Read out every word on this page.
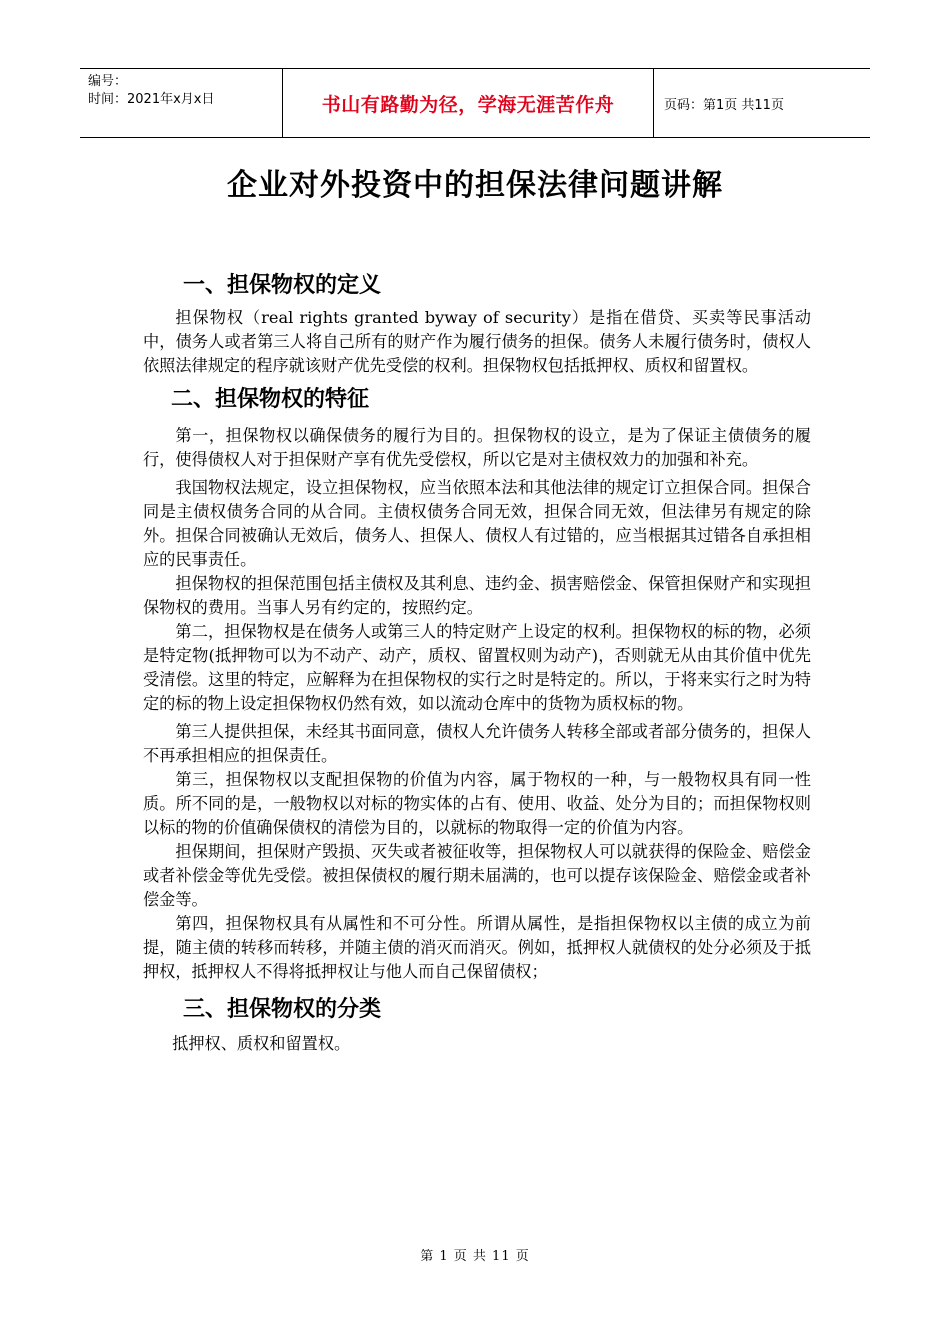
编号：
时间：2021年x月x日	书山有路勤为径，学海无涯苦作舟	页码：第1页 共11页
企业对外投资中的担保法律问题讲解
一、担保物权的定义

担保物权（real rights granted byway of security）是指在借贷、买卖等民事活动中，债务人或者第三人将自己所有的财产作为履行债务的担保。债务人未履行债务时，债权人依照法律规定的程序就该财产优先受偿的权利。担保物权包括抵押权、质权和留置权。

二、担保物权的特征

第一，担保物权以确保债务的履行为目的。担保物权的设立，是为了保证主债债务的履行，使得债权人对于担保财产享有优先受偿权，所以它是对主债权效力的加强和补充。

我国物权法规定，设立担保物权，应当依照本法和其他法律的规定订立担保合同。担保合同是主债权债务合同的从合同。主债权债务合同无效，担保合同无效，但法律另有规定的除外。担保合同被确认无效后，债务人、担保人、债权人有过错的，应当根据其过错各自承担相应的民事责任。

担保物权的担保范围包括主债权及其利息、违约金、损害赔偿金、保管担保财产和实现担保物权的费用。当事人另有约定的，按照约定。

第二，担保物权是在债务人或第三人的特定财产上设定的权利。担保物权的标的物，必须是特定物(抵押物可以为不动产、动产，质权、留置权则为动产)，否则就无从由其价值中优先受清偿。这里的特定，应解释为在担保物权的实行之时是特定的。所以，于将来实行之时为特定的标的物上设定担保物权仍然有效，如以流动仓库中的货物为质权标的物。

第三人提供担保，未经其书面同意，债权人允许债务人转移全部或者部分债务的，担保人不再承担相应的担保责任。

第三，担保物权以支配担保物的价值为内容，属于物权的一种，与一般物权具有同一性质。所不同的是，一般物权以对标的物实体的占有、使用、收益、处分为目的；而担保物权则以标的物的价值确保债权的清偿为目的，以就标的物取得一定的价值为内容。

担保期间，担保财产毁损、灭失或者被征收等，担保物权人可以就获得的保险金、赔偿金或者补偿金等优先受偿。被担保债权的履行期未届满的，也可以提存该保险金、赔偿金或者补偿金等。

第四，担保物权具有从属性和不可分性。所谓从属性，是指担保物权以主债的成立为前提，随主债的转移而转移，并随主债的消灭而消灭。例如，抵押权人就债权的处分必须及于抵押权，抵押权人不得将抵押权让与他人而自己保留债权；

三、担保物权的分类

抵押权、质权和留置权。

第 1 页 共 11 页
